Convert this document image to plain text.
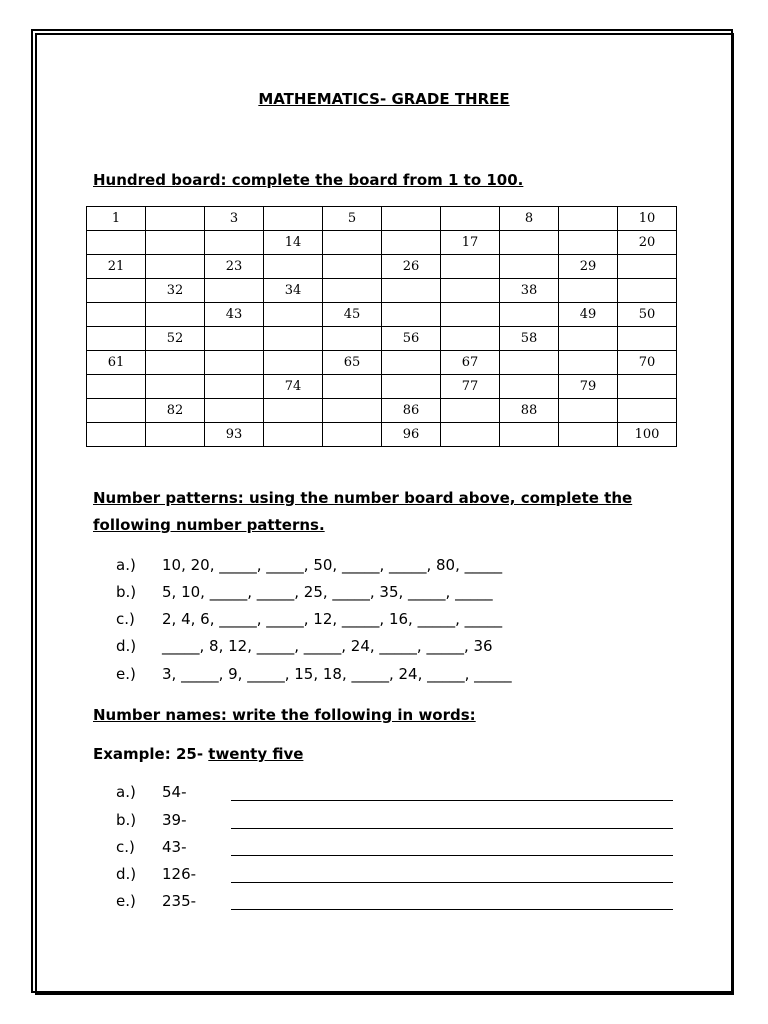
MATHEMATICS- GRADE THREE
Hundred board: complete the board from 1 to 100.
1		3		5			8		10
			14			17			20
21		23			26			29	
	32		34				38		
		43		45				49	50
	52				56		58		
61				65		67			70
			74			77		79	
	82				86		88		
		93			96				100
Number patterns: using the number board above, complete the following number patterns.
a.) 10, 20, _____, _____, 50, _____, _____, 80, _____
b.) 5, 10, _____, _____, 25, _____, 35, _____, _____
c.) 2, 4, 6, _____, _____, 12, _____, 16, _____, _____
d.) _____, 8, 12, _____, _____, 24, _____, _____, 36
e.) 3, _____, 9, _____, 15, 18, _____, 24, _____, _____
Number names: write the following in words:
Example: 25- twenty five
a.) 54-
b.) 39-
c.) 43-
d.) 126-
e.) 235-
